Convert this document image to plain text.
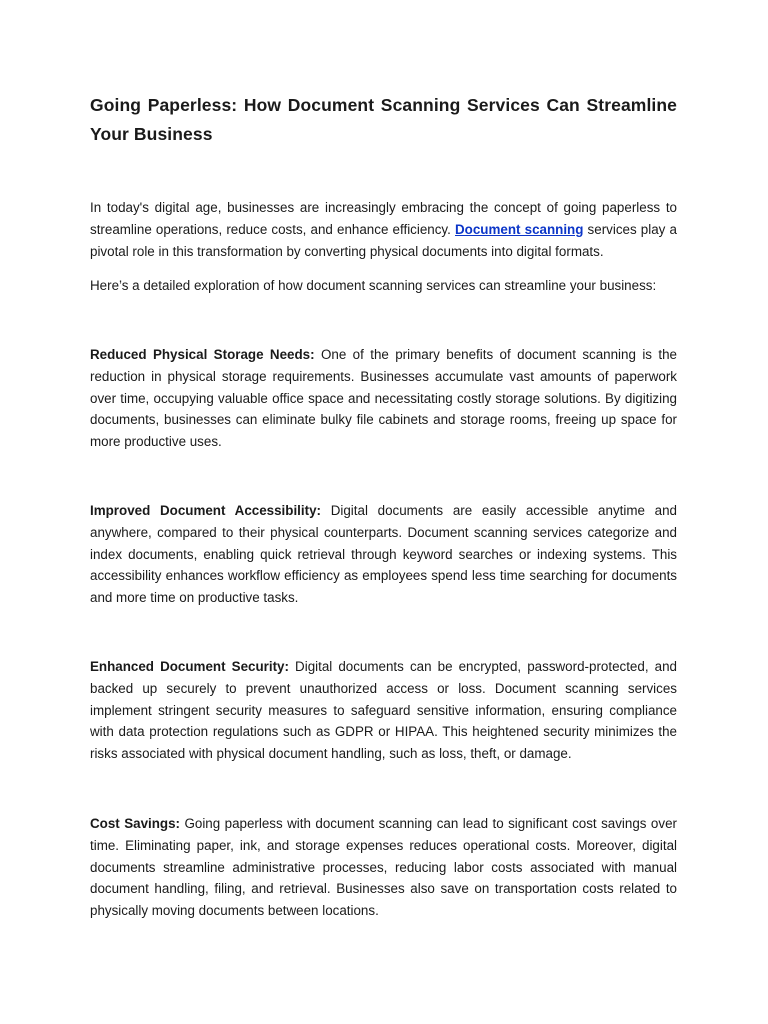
Going Paperless: How Document Scanning Services Can Streamline Your Business

In today's digital age, businesses are increasingly embracing the concept of going paperless to streamline operations, reduce costs, and enhance efficiency. Document scanning services play a pivotal role in this transformation by converting physical documents into digital formats.

Here’s a detailed exploration of how document scanning services can streamline your business:

Reduced Physical Storage Needs: One of the primary benefits of document scanning is the reduction in physical storage requirements. Businesses accumulate vast amounts of paperwork over time, occupying valuable office space and necessitating costly storage solutions. By digitizing documents, businesses can eliminate bulky file cabinets and storage rooms, freeing up space for more productive uses.

Improved Document Accessibility: Digital documents are easily accessible anytime and anywhere, compared to their physical counterparts. Document scanning services categorize and index documents, enabling quick retrieval through keyword searches or indexing systems. This accessibility enhances workflow efficiency as employees spend less time searching for documents and more time on productive tasks.

Enhanced Document Security: Digital documents can be encrypted, password-protected, and backed up securely to prevent unauthorized access or loss. Document scanning services implement stringent security measures to safeguard sensitive information, ensuring compliance with data protection regulations such as GDPR or HIPAA. This heightened security minimizes the risks associated with physical document handling, such as loss, theft, or damage.

Cost Savings: Going paperless with document scanning can lead to significant cost savings over time. Eliminating paper, ink, and storage expenses reduces operational costs. Moreover, digital documents streamline administrative processes, reducing labor costs associated with manual document handling, filing, and retrieval. Businesses also save on transportation costs related to physically moving documents between locations.
